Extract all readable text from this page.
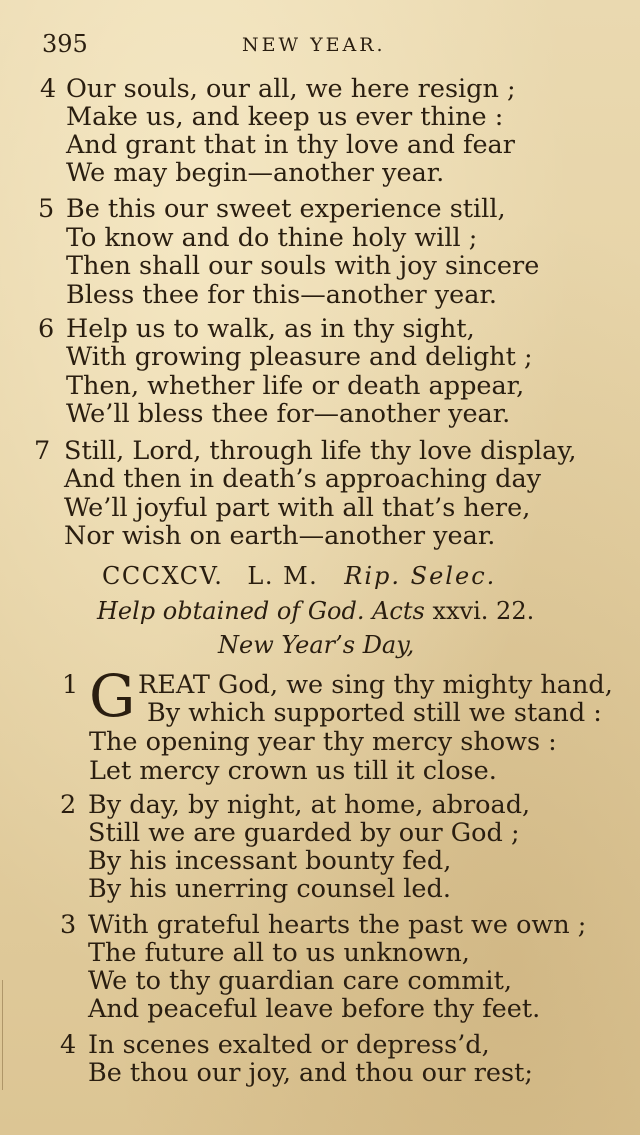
395	NEW YEAR.
4 Our souls, our all, we here resign ;
Make us, and keep us ever thine :
And grant that in thy love and fear
We may begin—another year.
5 Be this our sweet experience still,
To know and do thine holy will ;
Then shall our souls with joy sincere
Bless thee for this—another year.
6 Help us to walk, as in thy sight,
With growing pleasure and delight ;
Then, whether life or death appear,
We’ll bless thee for—another year.
7 Still, Lord, through life thy love display,
And then in death’s approaching day
We’ll joyful part with all that’s here,
Nor wish on earth—another year.
CCCXCV. L. M. Rip. Selec.
Help obtained of God. Acts xxvi. 22.
New Year’s Day,
1 G REAT God, we sing thy mighty hand,
By which supported still we stand :
The opening year thy mercy shows :
Let mercy crown us till it close.
2 By day, by night, at home, abroad,
Still we are guarded by our God ;
By his incessant bounty fed,
By his unerring counsel led.
3 With grateful hearts the past we own ;
The future all to us unknown,
We to thy guardian care commit,
And peaceful leave before thy feet.
4 In scenes exalted or depress’d,
Be thou our joy, and thou our rest;
